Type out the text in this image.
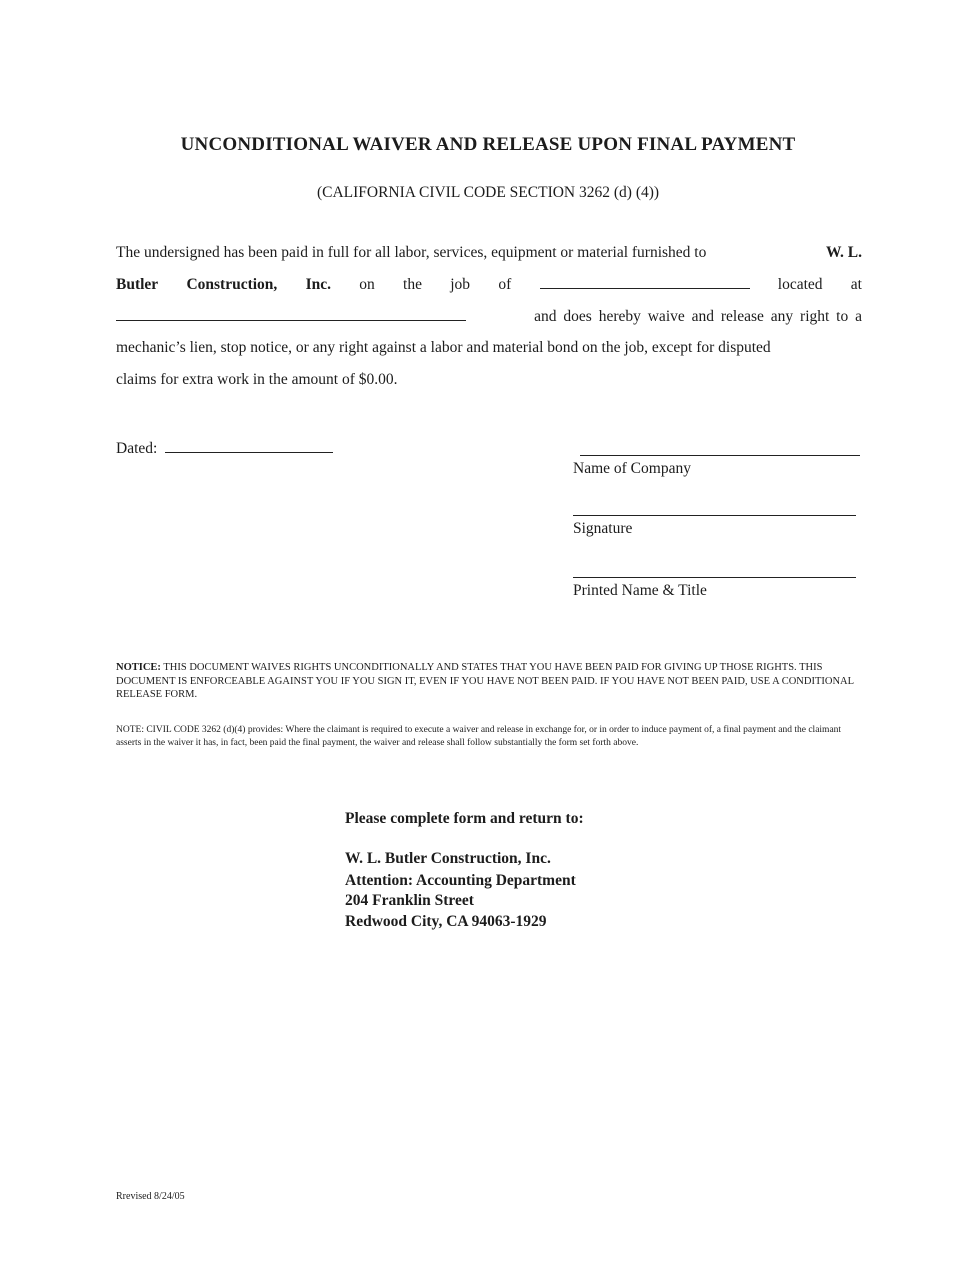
UNCONDITIONAL WAIVER AND RELEASE UPON FINAL PAYMENT
(CALIFORNIA CIVIL CODE SECTION 3262 (d) (4))
The undersigned has been paid in full for all labor, services, equipment or material furnished to	W. L.
Butler Construction, Inc. on the job of	located at
and does hereby waive and release any right to a
mechanic’s lien, stop notice, or any right against a labor and material bond on the job, except for disputed
claims for extra work in the amount of $0.00.
Dated:
Name of Company
Signature
Printed Name & Title
NOTICE: THIS DOCUMENT WAIVES RIGHTS UNCONDITIONALLY AND STATES THAT YOU HAVE BEEN PAID FOR GIVING UP THOSE RIGHTS. THIS DOCUMENT IS ENFORCEABLE AGAINST YOU IF YOU SIGN IT, EVEN IF YOU HAVE NOT BEEN PAID. IF YOU HAVE NOT BEEN PAID, USE A CONDITIONAL RELEASE FORM.
NOTE: CIVIL CODE 3262 (d)(4) provides: Where the claimant is required to execute a waiver and release in exchange for, or in order to induce payment of, a final payment and the claimant asserts in the waiver it has, in fact, been paid the final payment, the waiver and release shall follow substantially the form set forth above.
Please complete form and return to:
W. L. Butler Construction, Inc.
Attention: Accounting Department
204 Franklin Street
Redwood City, CA 94063-1929
Rrevised 8/24/05
